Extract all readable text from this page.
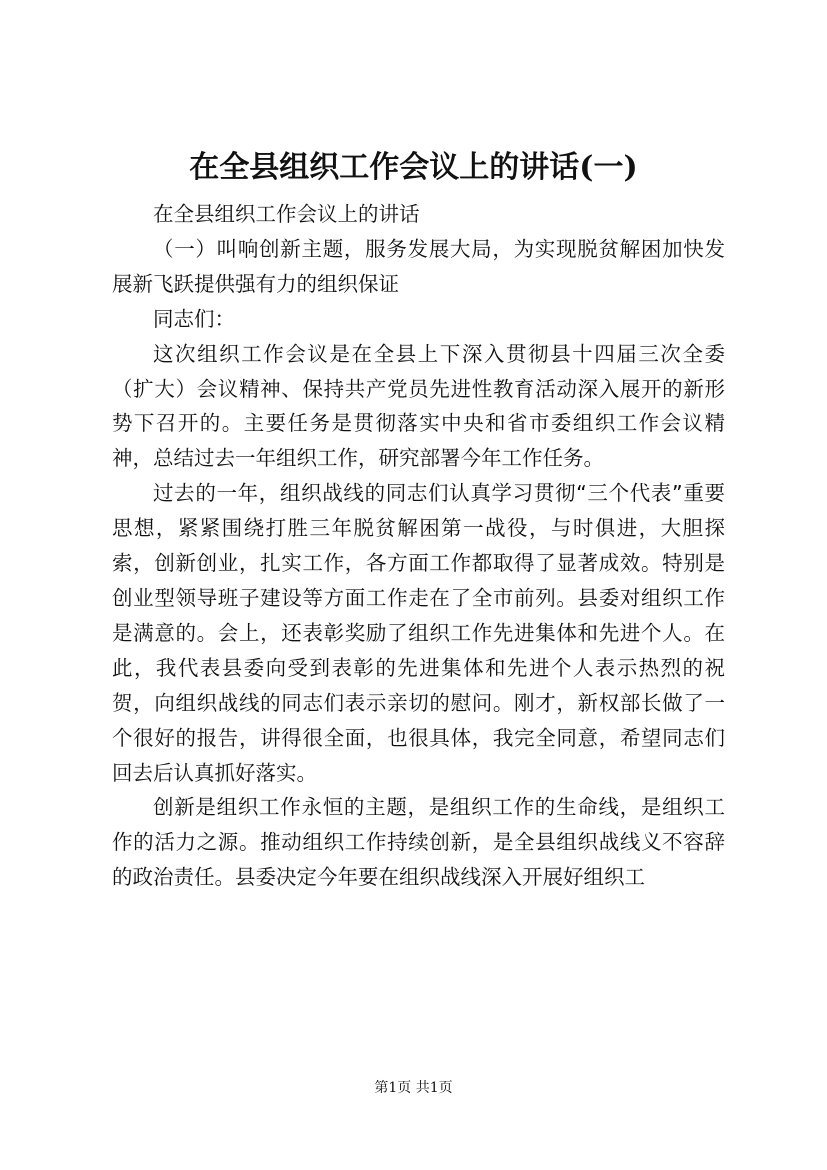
在全县组织工作会议上的讲话(一)

在全县组织工作会议上的讲话

（一）叫响创新主题，服务发展大局，为实现脱贫解困加快发展新飞跃提供强有力的组织保证

同志们：

这次组织工作会议是在全县上下深入贯彻县十四届三次全委（扩大）会议精神、保持共产党员先进性教育活动深入展开的新形势下召开的。主要任务是贯彻落实中央和省市委组织工作会议精神，总结过去一年组织工作，研究部署今年工作任务。

过去的一年，组织战线的同志们认真学习贯彻“三个代表”重要思想，紧紧围绕打胜三年脱贫解困第一战役，与时俱进，大胆探索，创新创业，扎实工作，各方面工作都取得了显著成效。特别是创业型领导班子建设等方面工作走在了全市前列。县委对组织工作是满意的。会上，还表彰奖励了组织工作先进集体和先进个人。在此，我代表县委向受到表彰的先进集体和先进个人表示热烈的祝贺，向组织战线的同志们表示亲切的慰问。刚才，新权部长做了一个很好的报告，讲得很全面，也很具体，我完全同意，希望同志们回去后认真抓好落实。

创新是组织工作永恒的主题，是组织工作的生命线，是组织工作的活力之源。推动组织工作持续创新，是全县组织战线义不容辞的政治责任。县委决定今年要在组织战线深入开展好组织工

第1页 共1页
